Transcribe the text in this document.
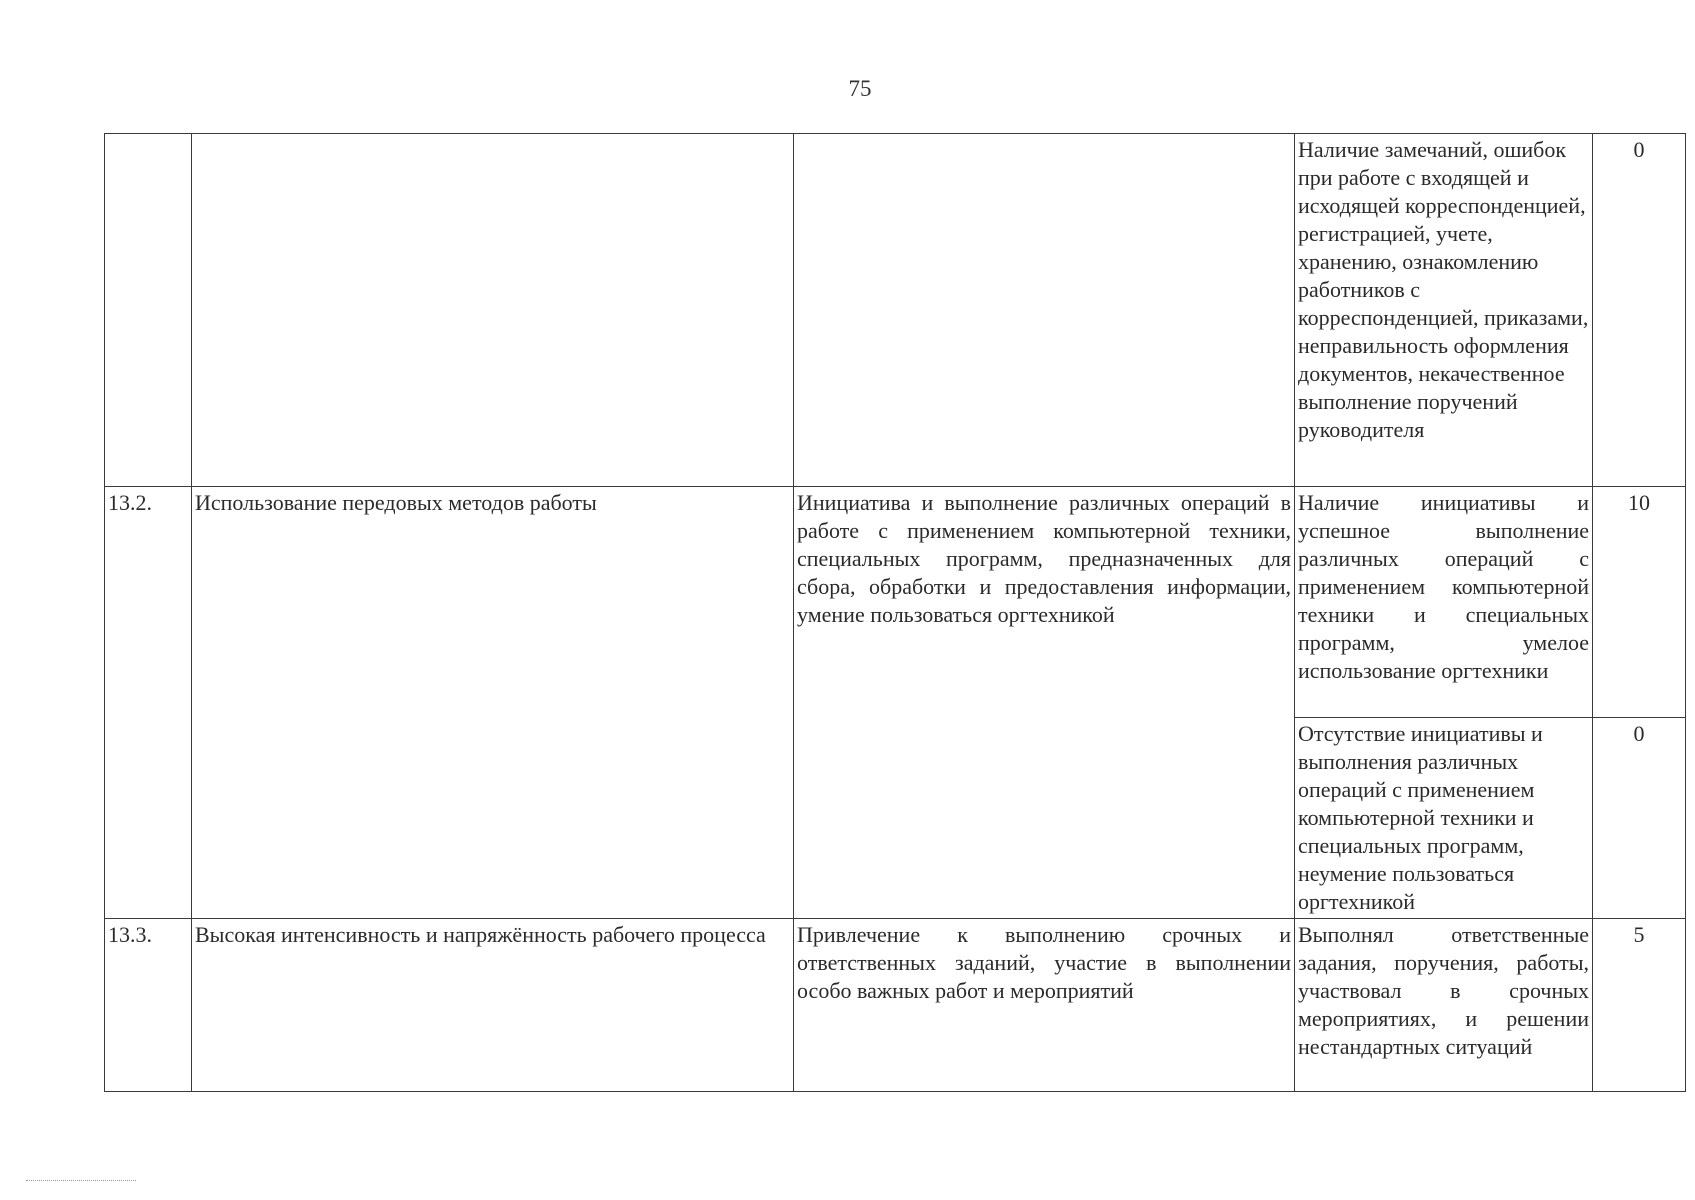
75
			Наличие замечаний, ошибок при работе с входящей и исходящей корреспонденцией, регистрацией, учете, хранению, ознакомлению работников с корреспонденцией, приказами, неправильность оформления документов, некачественное выполнение поручений руководителя	0
13.2.	Использование передовых методов работы	Инициатива и выполнение различных операций в работе с применением компьютерной техники, специальных программ, предназначенных для сбора, обработки и предоставления информации, умение пользоваться оргтехникой	Наличие инициативы и успешное выполнение различных операций с применением компьютерной техники и специальных программ, умелое использование оргтехники	10
			Отсутствие инициативы и выполнения различных операций с применением компьютерной техники и специальных программ, неумение пользоваться оргтехникой	0
13.3.	Высокая интенсивность и напряжённость рабочего процесса	Привлечение к выполнению срочных и ответственных заданий, участие в выполнении особо важных работ и мероприятий	Выполнял ответственные задания, поручения, работы, участвовал в срочных мероприятиях, и решении нестандартных ситуаций	5
